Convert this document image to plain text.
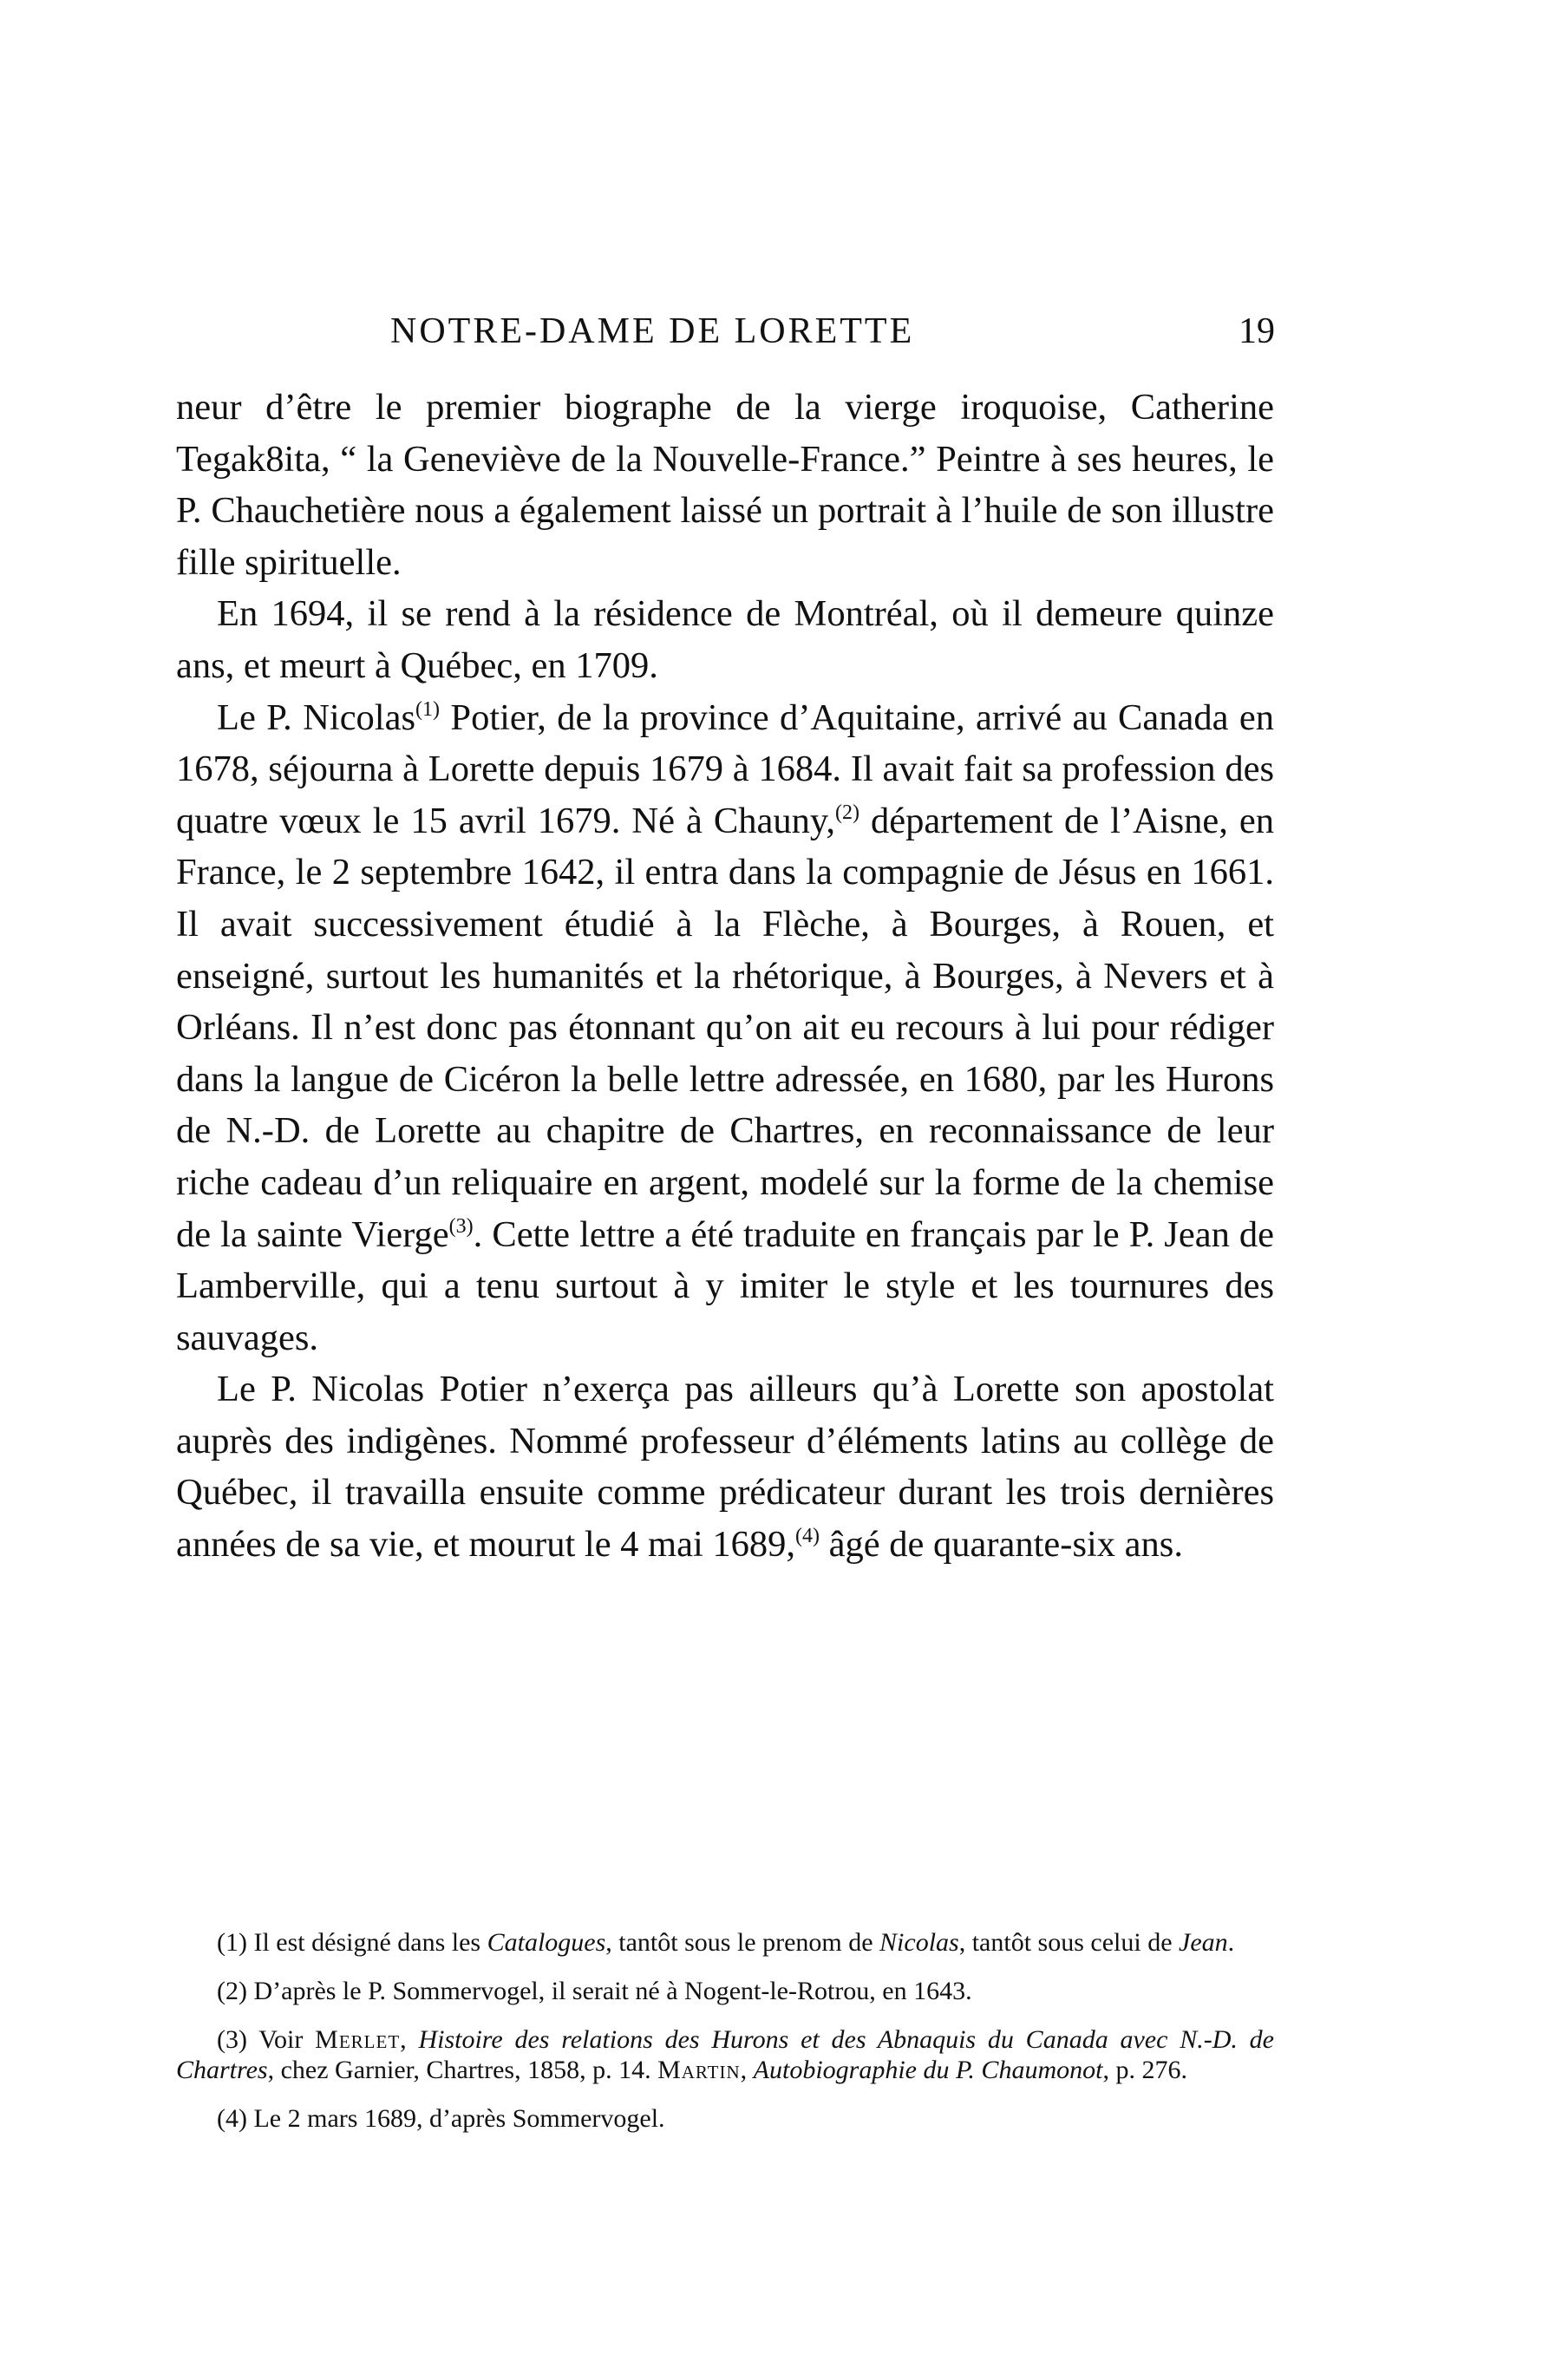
NOTRE-DAME DE LORETTE	19

neur d’être le premier biographe de la vierge iroquoise, Catherine Tegak8ita, “ la Geneviève de la Nouvelle-France.” Peintre à ses heures, le P. Chauchetière nous a également laissé un portrait à l’huile de son illustre fille spirituelle.

En 1694, il se rend à la résidence de Montréal, où il demeure quinze ans, et meurt à Québec, en 1709.

Le P. Nicolas$^{(1)}$ Potier, de la province d’Aquitaine, arrivé au Canada en 1678, séjourna à Lorette depuis 1679 à 1684. Il avait fait sa profession des quatre vœux le 15 avril 1679. Né à Chauny,$^{(2)}$ département de l’Aisne, en France, le 2 septembre 1642, il entra dans la compagnie de Jésus en 1661. Il avait successivement étudié à la Flèche, à Bourges, à Rouen, et enseigné, surtout les humanités et la rhétorique, à Bourges, à Nevers et à Orléans. Il n’est donc pas étonnant qu’on ait eu recours à lui pour rédiger dans la langue de Cicéron la belle lettre adressée, en 1680, par les Hurons de N.-D. de Lorette au chapitre de Chartres, en reconnaissance de leur riche cadeau d’un reliquaire en argent, modelé sur la forme de la chemise de la sainte Vierge$^{(3)}$. Cette lettre a été traduite en français par le P. Jean de Lamberville, qui a tenu surtout à y imiter le style et les tournures des sauvages.

Le P. Nicolas Potier n’exerça pas ailleurs qu’à Lorette son apostolat auprès des indigènes. Nommé professeur d’éléments latins au collège de Québec, il travailla ensuite comme prédicateur durant les trois dernières années de sa vie, et mourut le 4 mai 1689,$^{(4)}$ âgé de quarante-six ans.

(1) Il est désigné dans les Catalogues, tantôt sous le prenom de Nicolas, tantôt sous celui de Jean.

(2) D’après le P. Sommervogel, il serait né à Nogent-le-Rotrou, en 1643.

(3) Voir Merlet, Histoire des relations des Hurons et des Abnaquis du Canada avec N.-D. de Chartres, chez Garnier, Chartres, 1858, p. 14. Martin, Autobiographie du P. Chaumonot, p. 276.

(4) Le 2 mars 1689, d’après Sommervogel.
